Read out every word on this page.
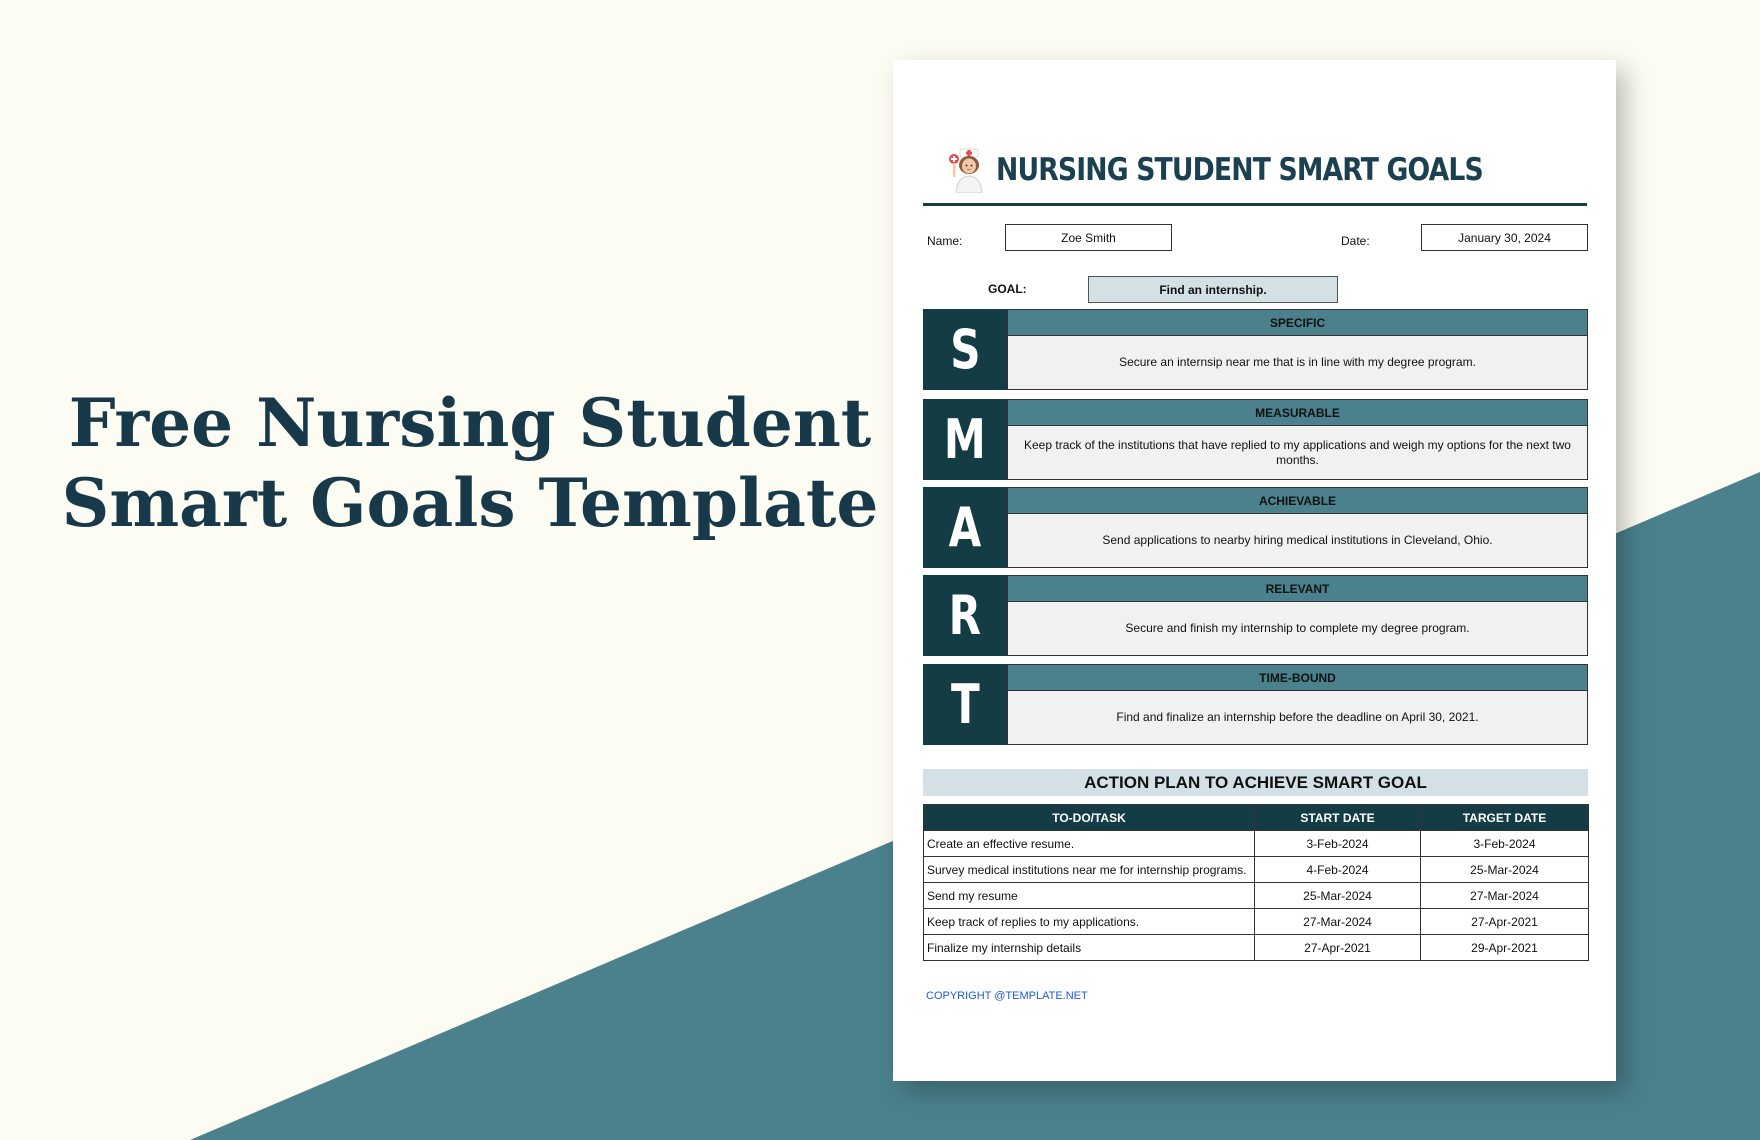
Free Nursing Student
Smart Goals Template
NURSING STUDENT SMART GOALS
Name:	Zoe Smith	Date:	January 30, 2024
GOAL:	Find an internship.
S	SPECIFIC
Secure an internsip near me that is in line with my degree program.
M	MEASURABLE
Keep track of the institutions that have replied to my applications and weigh my options for the next two months.
A	ACHIEVABLE
Send applications to nearby hiring medical institutions in Cleveland, Ohio.
R	RELEVANT
Secure and finish my internship to complete my degree program.
T	TIME-BOUND
Find and finalize an internship before the deadline on April 30, 2021.
ACTION PLAN TO ACHIEVE SMART GOAL
TO-DO/TASK	START DATE	TARGET DATE
Create an effective resume.	3-Feb-2024	3-Feb-2024
Survey medical institutions near me for internship programs.	4-Feb-2024	25-Mar-2024
Send my resume	25-Mar-2024	27-Mar-2024
Keep track of replies to my applications.	27-Mar-2024	27-Apr-2021
Finalize my internship details	27-Apr-2021	29-Apr-2021
COPYRIGHT @TEMPLATE.NET
